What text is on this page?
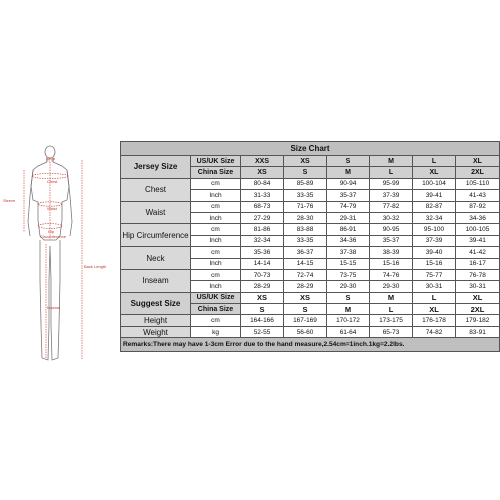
Neck
Chest
Sleeve
Waist
Hip
Circumference
Back Length
Inseam
Size Chart							
Jersey Size	US/UK Size	XXS	XS	S	M	L	XL
	China Size	XS	S	M	L	XL	2XL
Chest	cm	80-84	85-89	90-94	95-99	100-104	105-110
	Inch	31-33	33-35	35-37	37-39	39-41	41-43
Waist	cm	68-73	71-76	74-79	77-82	82-87	87-92
	Inch	27-29	28-30	29-31	30-32	32-34	34-36
Hip Circumference	cm	81-86	83-88	86-91	90-95	95-100	100-105
	Inch	32-34	33-35	34-36	35-37	37-39	39-41
Neck	cm	35-36	36-37	37-38	38-39	39-40	41-42
	Inch	14-14	14-15	15-15	15-16	15-16	16-17
Inseam	cm	70-73	72-74	73-75	74-76	75-77	76-78
	Inch	28-29	28-29	29-30	29-30	30-31	30-31
Suggest Size	US/UK Size	XS	XS	S	M	L	XL
	China Size	S	S	M	L	XL	2XL
Height	cm	164-166	167-169	170-172	173-175	176-178	179-182
Weight	kg	52-55	56-60	61-64	65-73	74-82	83-91
Remarks:There may have 1-3cm Error due to the hand measure,2.54cm=1inch.1kg=2.2lbs.							
